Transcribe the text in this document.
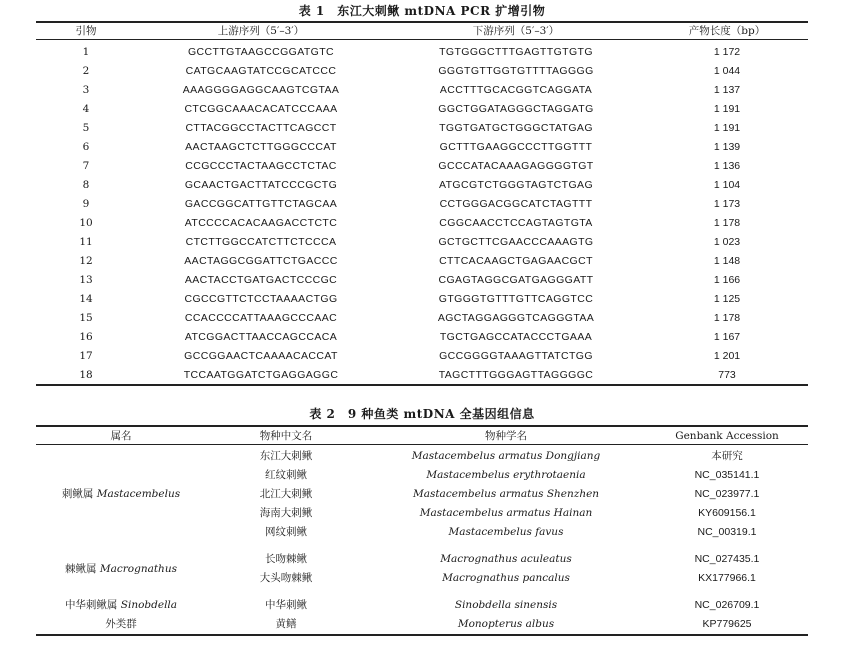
表 1　东江大刺鳅 mtDNA PCR 扩增引物
引物	上游序列（5′–3′）	下游序列（5′–3′）	产物长度（bp）
1	GCCTTGTAAGCCGGATGTC	TGTGGGCTTTGAGTTGTGTG	1 172
2	CATGCAAGTATCCGCATCCC	GGGTGTTGGTGTTTTAGGGG	1 044
3	AAAGGGGAGGCAAGTCGTAA	ACCTTTGCACGGTCAGGATA	1 137
4	CTCGGCAAACACATCCCAAA	GGCTGGATAGGGCTAGGATG	1 191
5	CTTACGGCCTACTTCAGCCT	TGGTGATGCTGGGCTATGAG	1 191
6	AACTAAGCTCTTGGGCCCAT	GCTTTGAAGGCCCTTGGTTT	1 139
7	CCGCCCTACTAAGCCTCTAC	GCCCATACAAAGAGGGGTGT	1 136
8	GCAACTGACTTATCCCGCTG	ATGCGTCTGGGTAGTCTGAG	1 104
9	GACCGGCATTGTTCTAGCAA	CCTGGGACGGCATCTAGTTT	1 173
10	ATCCCCACACAAGACCTCTC	CGGCAACCTCCAGTAGTGTA	1 178
11	CTCTTGGCCATCTTCTCCCA	GCTGCTTCGAACCCAAAGTG	1 023
12	AACTAGGCGGATTCTGACCC	CTTCACAAGCTGAGAACGCT	1 148
13	AACTACCTGATGACTCCCGC	CGAGTAGGCGATGAGGGATT	1 166
14	CGCCGTTCTCCTAAAACTGG	GTGGGTGTTTGTTCAGGTCC	1 125
15	CCACCCCATTAAAGCCCAAC	AGCTAGGAGGGTCAGGGTAA	1 178
16	ATCGGACTTAACCAGCCACA	TGCTGAGCCATACCCTGAAA	1 167
17	GCCGGAACTCAAAACACCAT	GCCGGGGTAAAGTTATCTGG	1 201
18	TCCAATGGATCTGAGGAGGC	TAGCTTTGGGAGTTAGGGGC	773
表 2　9 种鱼类 mtDNA 全基因组信息
属名	物种中文名	物种学名	Genbank Accession
刺鳅属 Mastacembelus	东江大刺鳅	Mastacembelus armatus Dongjiang	本研究
	红纹刺鳅	Mastacembelus erythrotaenia	NC_035141.1
	北江大刺鳅	Mastacembelus armatus Shenzhen	NC_023977.1
	海南大刺鳅	Mastacembelus armatus Hainan	KY609156.1
	网纹刺鳅	Mastacembelus favus	NC_00319.1

棘鳅属 Macrognathus	长吻棘鳅	Macrognathus aculeatus	NC_027435.1
	大头吻棘鳅	Macrognathus pancalus	KX177966.1

中华刺鳅属 Sinobdella	中华刺鳅	Sinobdella sinensis	NC_026709.1
外类群	黄鳝	Monopterus albus	KP779625
